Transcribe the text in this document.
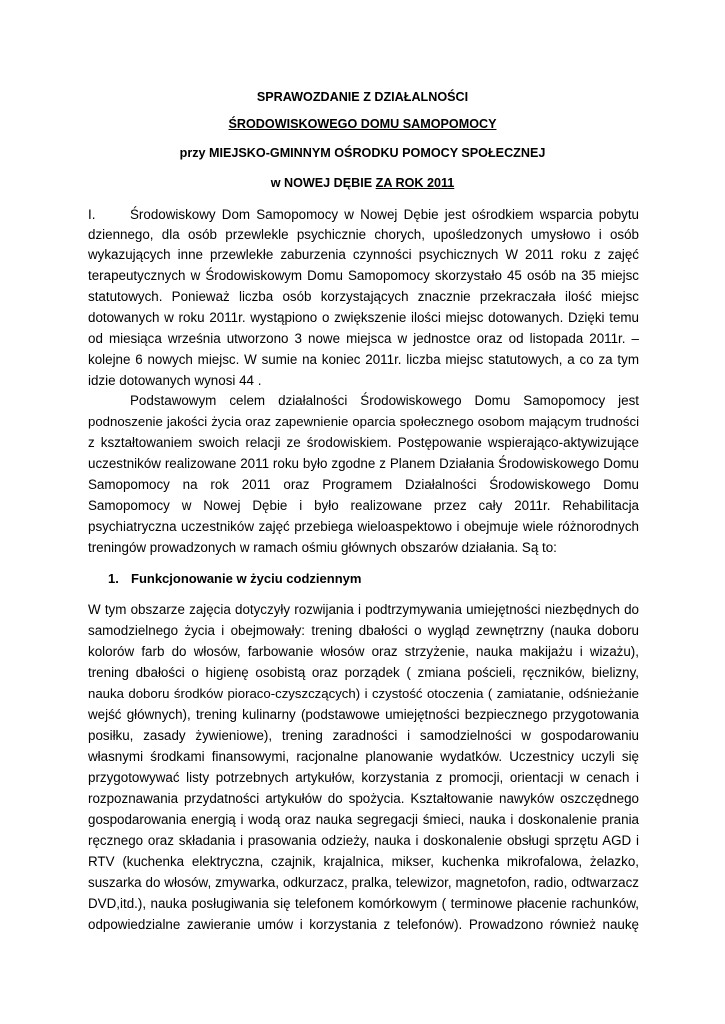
SPRAWOZDANIE Z DZIAŁALNOŚCI
ŚRODOWISKOWEGO DOMU SAMOPOMOCY
przy MIEJSKO-GMINNYM OŚRODKU POMOCY SPOŁECZNEJ
w NOWEJ DĘBIE ZA ROK 2011
I.	Środowiskowy Dom Samopomocy w Nowej Dębie jest ośrodkiem wsparcia pobytu
dziennego, dla osób przewlekle psychicznie chorych, upośledzonych umysłowo i osób
wykazujących inne przewlekłe zaburzenia czynności psychicznych W 2011 roku z zajęć
terapeutycznych w Środowiskowym Domu Samopomocy skorzystało 45 osób na 35 miejsc
statutowych. Ponieważ liczba osób korzystających znacznie przekraczała ilość miejsc
dotowanych w roku 2011r. wystąpiono o zwiększenie ilości miejsc dotowanych. Dzięki temu
od miesiąca września utworzono 3 nowe miejsca w jednostce oraz od listopada 2011r. –
kolejne 6 nowych miejsc. W sumie na koniec 2011r. liczba miejsc statutowych, a co za tym
idzie dotowanych wynosi 44 .
Podstawowym celem działalności Środowiskowego Domu Samopomocy jest
podnoszenie jakości życia oraz zapewnienie oparcia społecznego osobom mającym trudności
z kształtowaniem swoich relacji ze środowiskiem. Postępowanie wspierająco-aktywizujące
uczestników realizowane 2011 roku było zgodne z Planem Działania Środowiskowego Domu
Samopomocy na rok 2011 oraz Programem Działalności Środowiskowego Domu
Samopomocy w Nowej Dębie i było realizowane przez cały 2011r. Rehabilitacja
psychiatryczna uczestników zajęć przebiega wieloaspektowo i obejmuje wiele różnorodnych
treningów prowadzonych w ramach ośmiu głównych obszarów działania. Są to:
1. Funkcjonowanie w życiu codziennym
W tym obszarze zajęcia dotyczyły rozwijania i podtrzymywania umiejętności niezbędnych do
samodzielnego życia i obejmowały: trening dbałości o wygląd zewnętrzny (nauka doboru
kolorów farb do włosów, farbowanie włosów oraz strzyżenie, nauka makijażu i wizażu),
trening dbałości o higienę osobistą oraz porządek ( zmiana pościeli, ręczników, bielizny,
nauka doboru środków pioraco-czyszczących) i czystość otoczenia ( zamiatanie, odśnieżanie
wejść głównych), trening kulinarny (podstawowe umiejętności bezpiecznego przygotowania
posiłku, zasady żywieniowe), trening zaradności i samodzielności w gospodarowaniu
własnymi środkami finansowymi, racjonalne planowanie wydatków. Uczestnicy uczyli się
przygotowywać listy potrzebnych artykułów, korzystania z promocji, orientacji w cenach i
rozpoznawania przydatności artykułów do spożycia. Kształtowanie nawyków oszczędnego
gospodarowania energią i wodą oraz nauka segregacji śmieci, nauka i doskonalenie prania
ręcznego oraz składania i prasowania odzieży, nauka i doskonalenie obsługi sprzętu AGD i
RTV (kuchenka elektryczna, czajnik, krajalnica, mikser, kuchenka mikrofalowa, żelazko,
suszarka do włosów, zmywarka, odkurzacz, pralka, telewizor, magnetofon, radio, odtwarzacz
DVD,itd.), nauka posługiwania się telefonem komórkowym ( terminowe płacenie rachunków,
odpowiedzialne zawieranie umów i korzystania z telefonów). Prowadzono również naukę
